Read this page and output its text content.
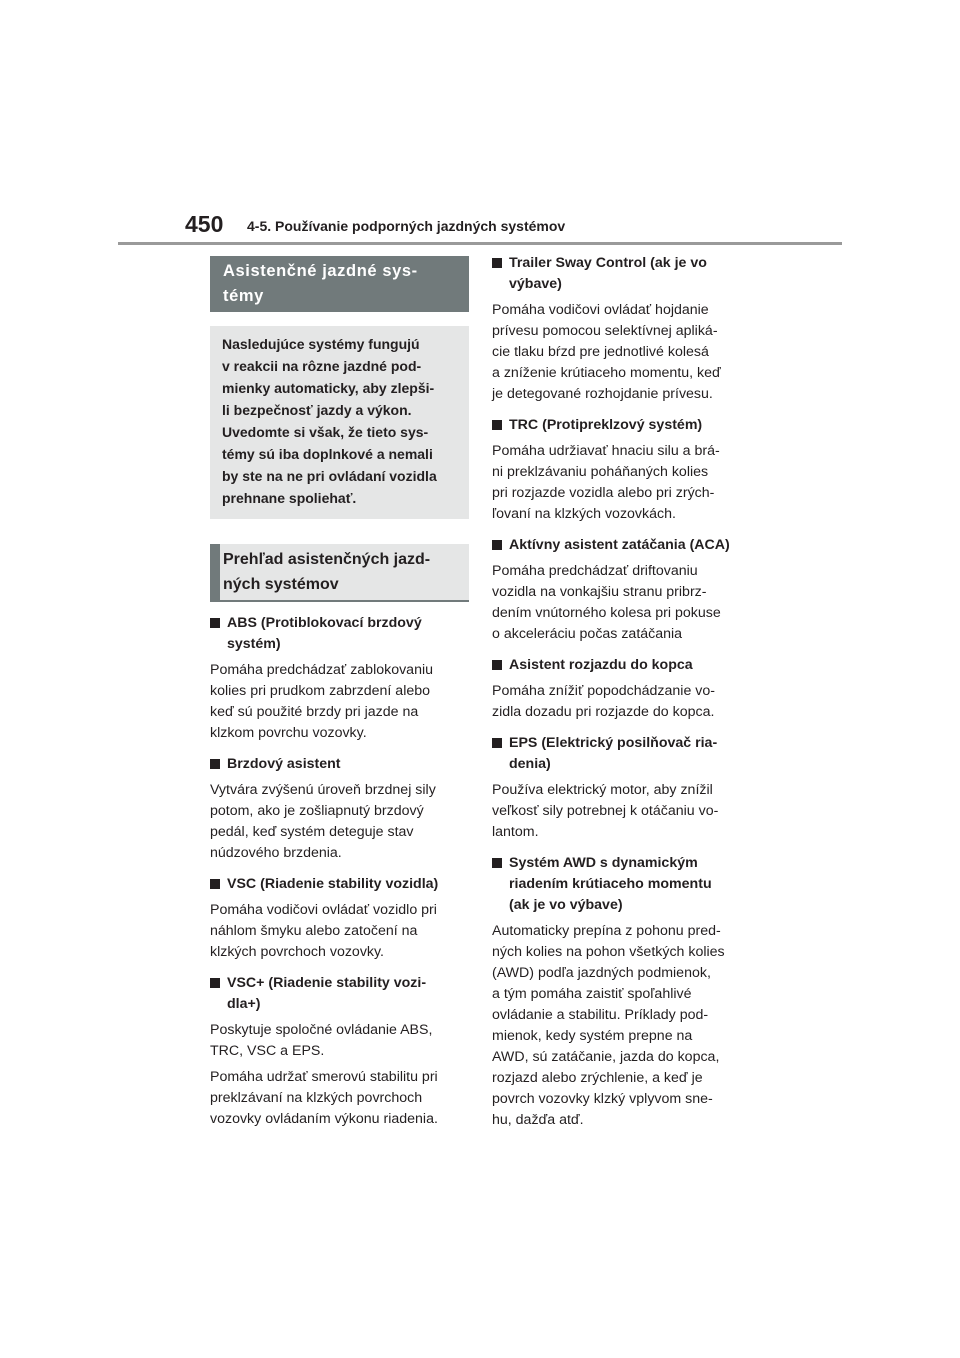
450 4-5. Používanie podporných jazdných systémov
Asistenčné jazdné sys-
témy

Nasledujúce systémy fungujú

v reakcii na rôzne jazdné pod-

mienky automaticky, aby zlepši-

li bezpečnosť jazdy a výkon.

Uvedomte si však, že tieto sys-

témy sú iba doplnkové a nemali

by ste na ne pri ovládaní vozidla

prehnane spoliehať.

Prehľad asistenčných jazd-
ných systémov
ABS (Protiblokovací brzdový
systém)
Pomáha predchádzať zablokovaniu
kolies pri prudkom zabrzdení alebo
keď sú použité brzdy pri jazde na
klzkom povrchu vozovky.
Brzdový asistent
Vytvára zvýšenú úroveň brzdnej sily
potom, ako je zošliapnutý brzdový
pedál, keď systém deteguje stav
núdzového brzdenia.
VSC (Riadenie stability vozidla)
Pomáha vodičovi ovládať vozidlo pri
náhlom šmyku alebo zatočení na
klzkých povrchoch vozovky.
VSC+ (Riadenie stability vozi-
dla+)
Poskytuje spoločné ovládanie ABS,
TRC, VSC a EPS.
Pomáha udržať smerovú stabilitu pri
preklzávaní na klzkých povrchoch
vozovky ovládaním výkonu riadenia.
Trailer Sway Control (ak je vo
výbave)
Pomáha vodičovi ovládať hojdanie
prívesu pomocou selektívnej apliká-
cie tlaku bŕzd pre jednotlivé kolesá
a zníženie krútiaceho momentu, keď
je detegované rozhojdanie prívesu.
TRC (Protipreklzový systém)
Pomáha udržiavať hnaciu silu a brá-
ni preklzávaniu poháňaných kolies
pri rozjazde vozidla alebo pri zrých-
ľovaní na klzkých vozovkách.
Aktívny asistent zatáčania (ACA)
Pomáha predchádzať driftovaniu
vozidla na vonkajšiu stranu pribrz-
dením vnútorného kolesa pri pokuse
o akceleráciu počas zatáčania
Asistent rozjazdu do kopca
Pomáha znížiť popodchádzanie vo-
zidla dozadu pri rozjazde do kopca.
EPS (Elektrický posilňovač ria-
denia)
Používa elektrický motor, aby znížil
veľkosť sily potrebnej k otáčaniu vo-
lantom.
Systém AWD s dynamickým
riadením krútiaceho momentu
(ak je vo výbave)
Automaticky prepína z pohonu pred-
ných kolies na pohon všetkých kolies
(AWD) podľa jazdných podmienok,
a tým pomáha zaistiť spoľahlivé
ovládanie a stabilitu. Príklady pod-
mienok, kedy systém prepne na
AWD, sú zatáčanie, jazda do kopca,
rozjazd alebo zrýchlenie, a keď je
povrch vozovky klzký vplyvom sne-
hu, dažďa atď.
